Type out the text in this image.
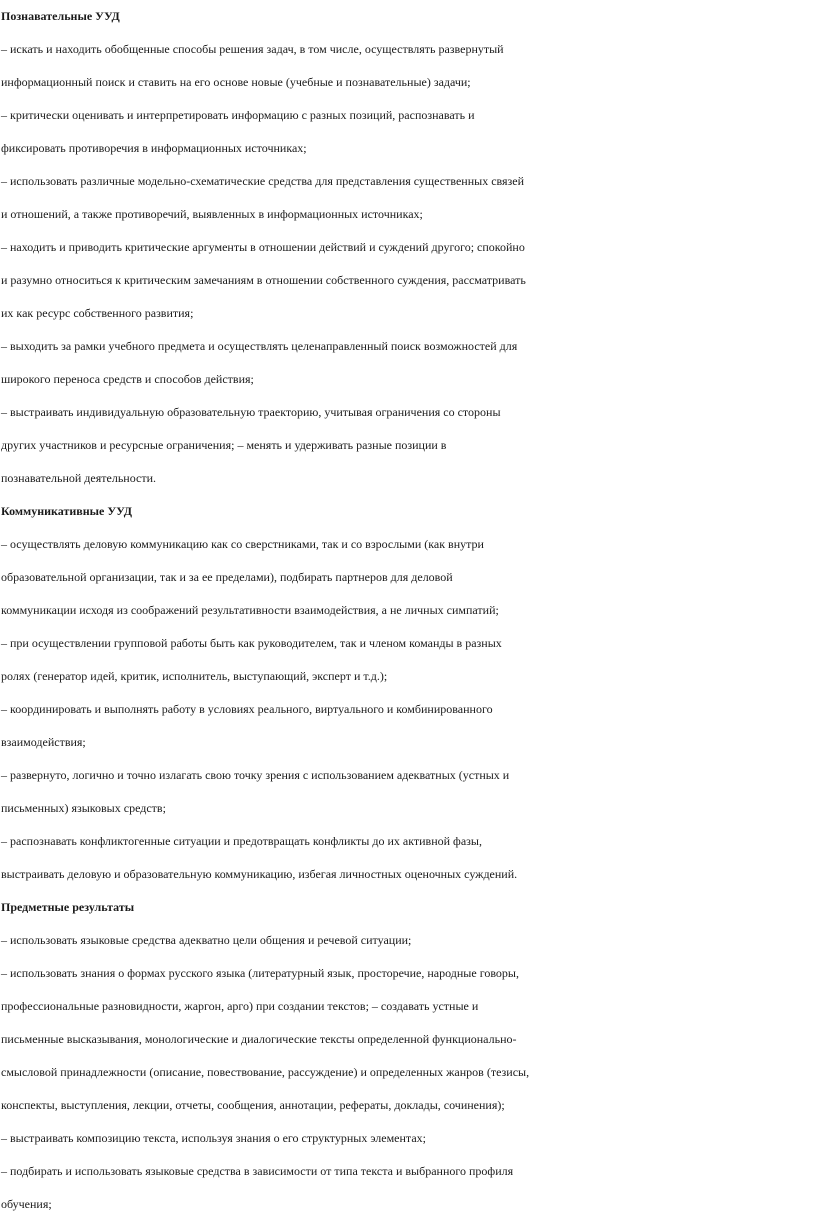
Познавательные УУД
– искать и находить обобщенные способы решения задач, в том числе, осуществлять развернутый
информационный поиск и ставить на его основе новые (учебные и познавательные) задачи;
– критически оценивать и интерпретировать информацию с разных позиций, распознавать и
фиксировать противоречия в информационных источниках;
– использовать различные модельно-схематические средства для представления существенных связей
и отношений, а также противоречий, выявленных в информационных источниках;
– находить и приводить критические аргументы в отношении действий и суждений другого; спокойно
и разумно относиться к критическим замечаниям в отношении собственного суждения, рассматривать
их как ресурс собственного развития;
– выходить за рамки учебного предмета и осуществлять целенаправленный поиск возможностей для
широкого переноса средств и способов действия;
– выстраивать индивидуальную образовательную траекторию, учитывая ограничения со стороны
других участников и ресурсные ограничения; – менять и удерживать разные позиции в
познавательной деятельности.
Коммуникативные УУД
– осуществлять деловую коммуникацию как со сверстниками, так и со взрослыми (как внутри
образовательной организации, так и за ее пределами), подбирать партнеров для деловой
коммуникации исходя из соображений результативности взаимодействия, а не личных симпатий;
– при осуществлении групповой работы быть как руководителем, так и членом команды в разных
ролях (генератор идей, критик, исполнитель, выступающий, эксперт и т.д.);
– координировать и выполнять работу в условиях реального, виртуального и комбинированного
взаимодействия;
– развернуто, логично и точно излагать свою точку зрения с использованием адекватных (устных и
письменных) языковых средств;
– распознавать конфликтогенные ситуации и предотвращать конфликты до их активной фазы,
выстраивать деловую и образовательную коммуникацию, избегая личностных оценочных суждений.
Предметные результаты
– использовать языковые средства адекватно цели общения и речевой ситуации;
– использовать знания о формах русского языка (литературный язык, просторечие, народные говоры,
профессиональные разновидности, жаргон, арго) при создании текстов; – создавать устные и
письменные высказывания, монологические и диалогические тексты определенной функционально-
смысловой принадлежности (описание, повествование, рассуждение) и определенных жанров (тезисы,
конспекты, выступления, лекции, отчеты, сообщения, аннотации, рефераты, доклады, сочинения);
– выстраивать композицию текста, используя знания о его структурных элементах;
– подбирать и использовать языковые средства в зависимости от типа текста и выбранного профиля
обучения;
